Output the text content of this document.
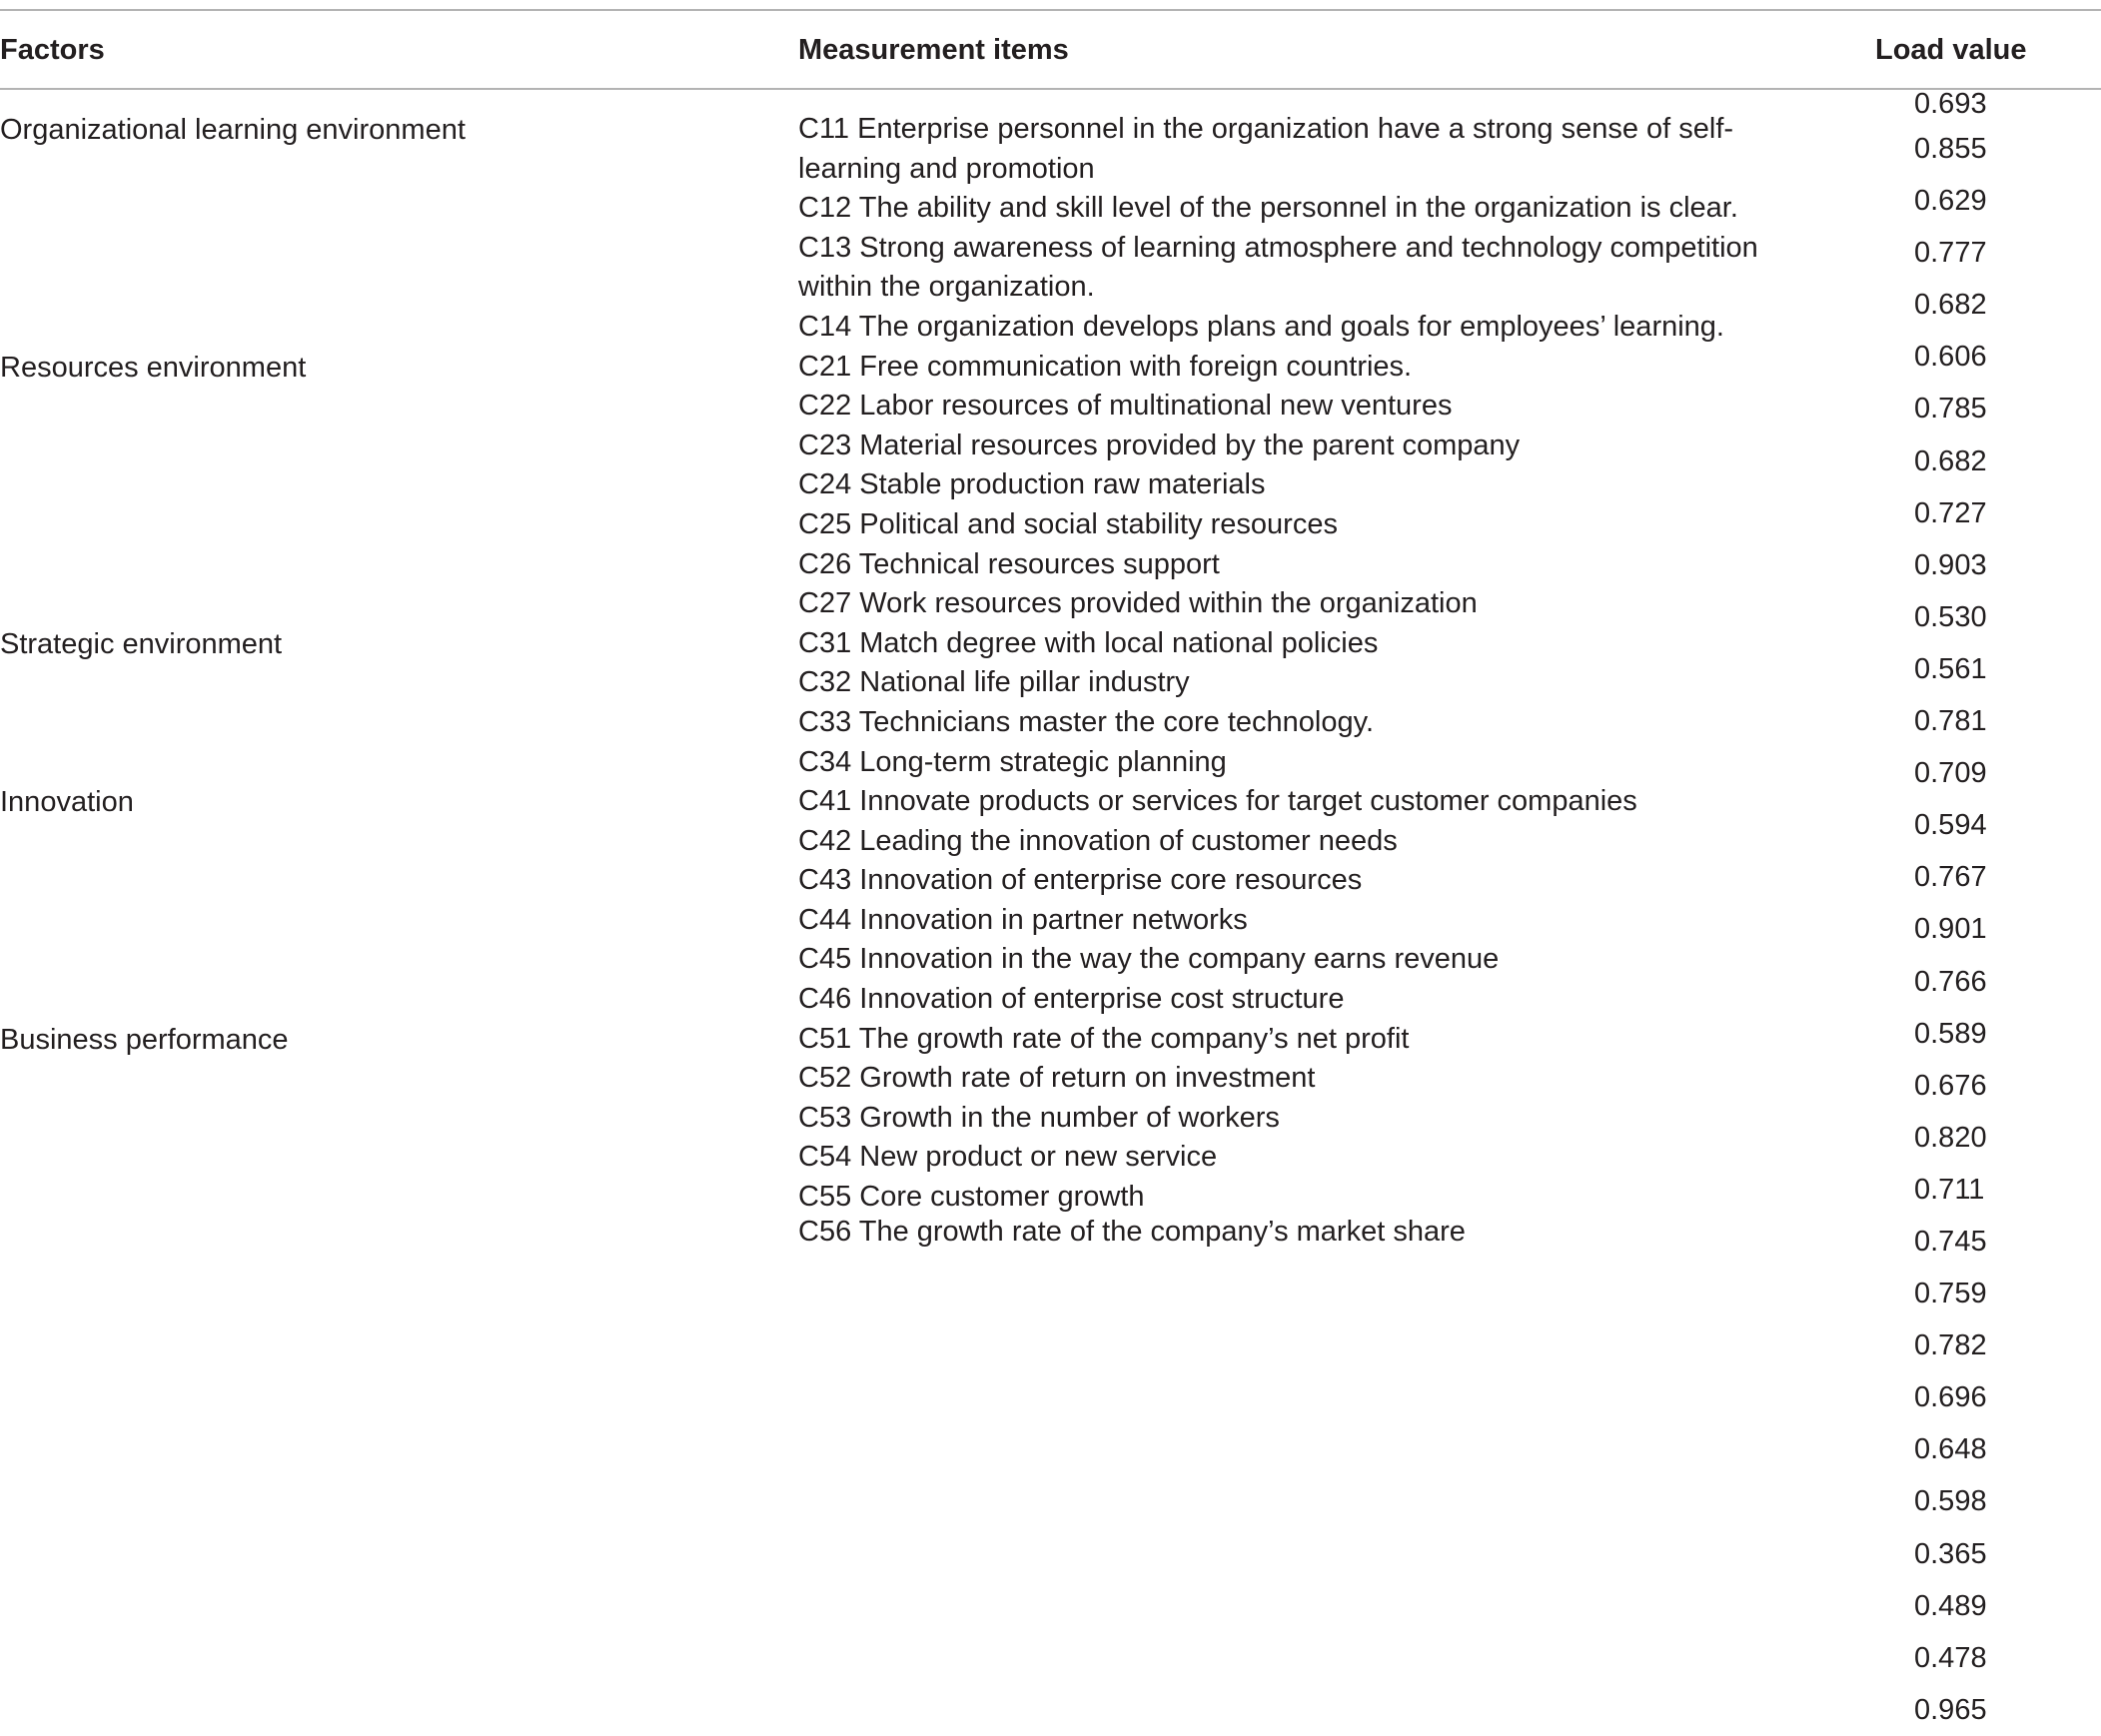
Factors	Measurement items	Load value
Organizational learning environment
Resources environment
Strategic environment
Innovation
Business performance
C11 Enterprise personnel in the organization have a strong sense of self-learning and promotion
C12 The ability and skill level of the personnel in the organization is clear.
C13 Strong awareness of learning atmosphere and technology competition within the organization.
C14 The organization develops plans and goals for employees’ learning.
C21 Free communication with foreign countries.
C22 Labor resources of multinational new ventures
C23 Material resources provided by the parent company
C24 Stable production raw materials
C25 Political and social stability resources
C26 Technical resources support
C27 Work resources provided within the organization
C31 Match degree with local national policies
C32 National life pillar industry
C33 Technicians master the core technology.
C34 Long-term strategic planning
C41 Innovate products or services for target customer companies
C42 Leading the innovation of customer needs
C43 Innovation of enterprise core resources
C44 Innovation in partner networks
C45 Innovation in the way the company earns revenue
C46 Innovation of enterprise cost structure
C51 The growth rate of the company’s net profit
C52 Growth rate of return on investment
C53 Growth in the number of workers
C54 New product or new service
C55 Core customer growth
C56 The growth rate of the company’s market share
0.693
0.855
0.629
0.777
0.682
0.606
0.785
0.682
0.727
0.903
0.530
0.561
0.781
0.709
0.594
0.767
0.901
0.766
0.589
0.676
0.820
0.711
0.745
0.759
0.782
0.696
0.648
0.598
0.365
0.489
0.478
0.965
